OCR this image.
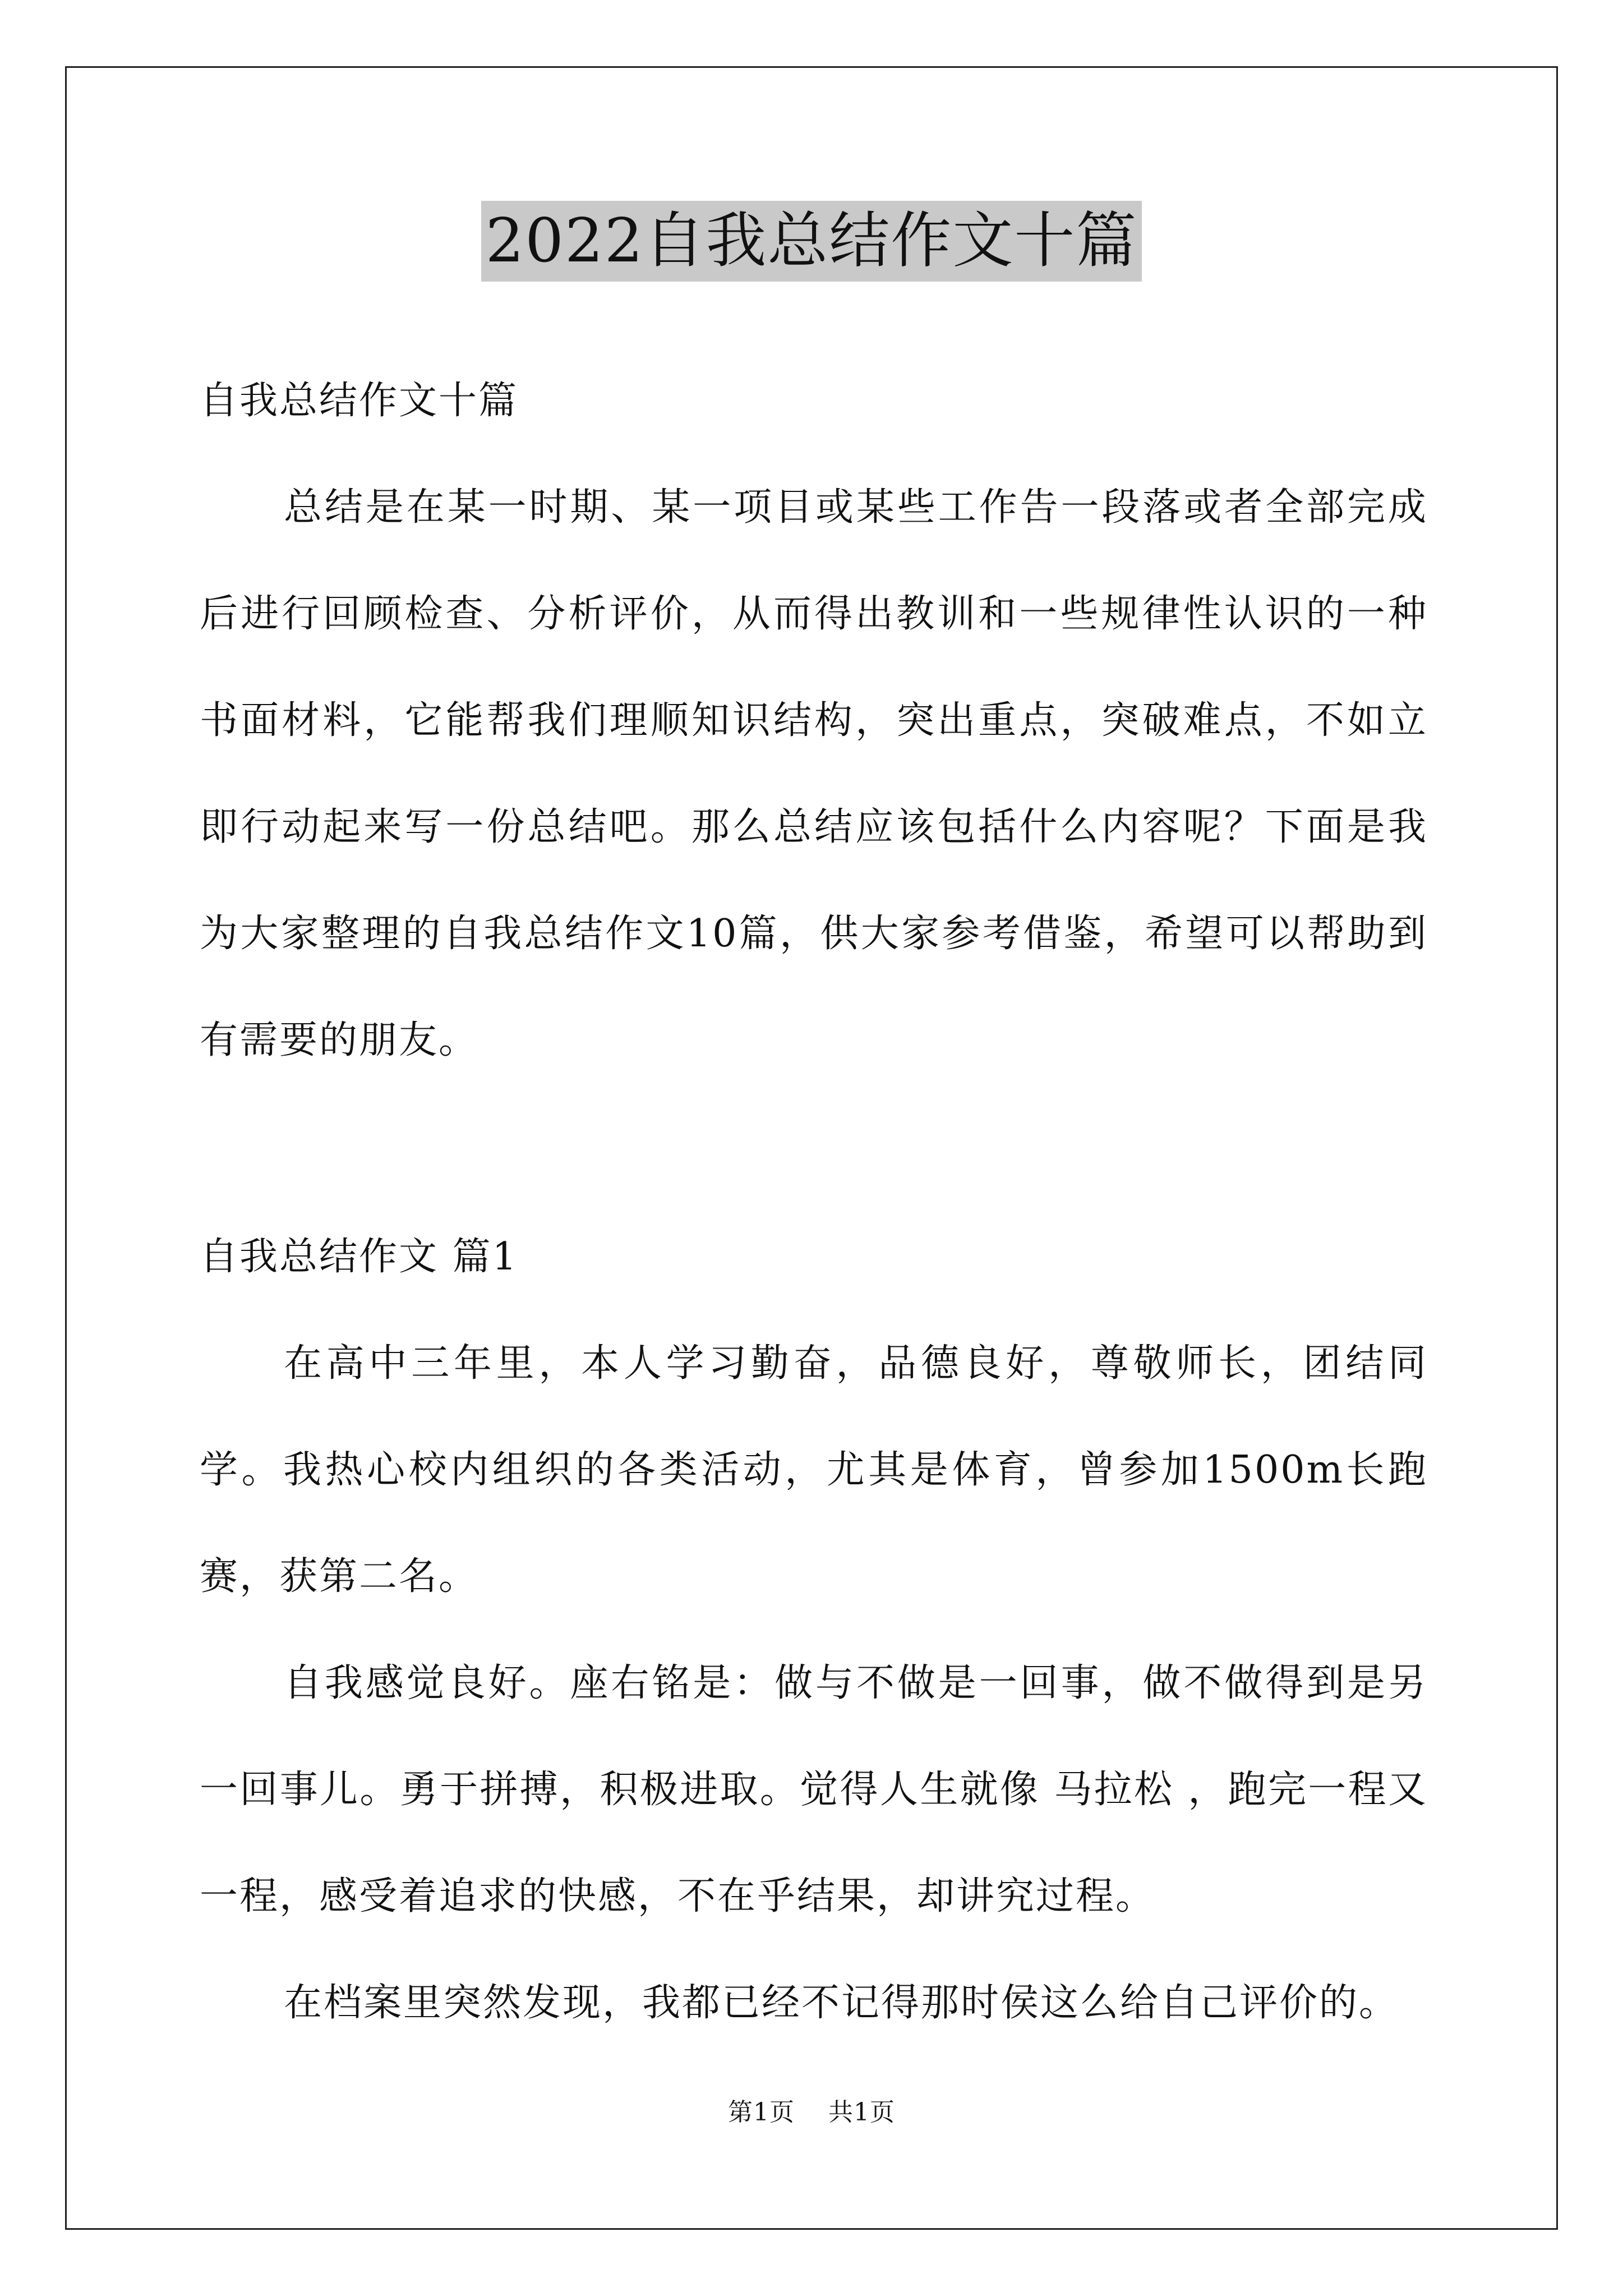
2022自我总结作文十篇

自我总结作文十篇

总结是在某一时期、某一项目或某些工作告一段落或者全部完成后进行回顾检查、分析评价，从而得出教训和一些规律性认识的一种书面材料，它能帮我们理顺知识结构，突出重点，突破难点，不如立即行动起来写一份总结吧。那么总结应该包括什么内容呢？下面是我为大家整理的自我总结作文10篇，供大家参考借鉴，希望可以帮助到有需要的朋友。

自我总结作文 篇1

在高中三年里，本人学习勤奋，品德良好，尊敬师长，团结同学。我热心校内组织的各类活动，尤其是体育，曾参加1500m长跑赛，获第二名。

自我感觉良好。座右铭是：做与不做是一回事，做不做得到是另一回事儿。勇于拼搏，积极进取。觉得人生就像 马拉松 ，跑完一程又一程，感受着追求的快感，不在乎结果，却讲究过程。

在档案里突然发现，我都已经不记得那时侯这么给自己评价的。

第1页 共1页
